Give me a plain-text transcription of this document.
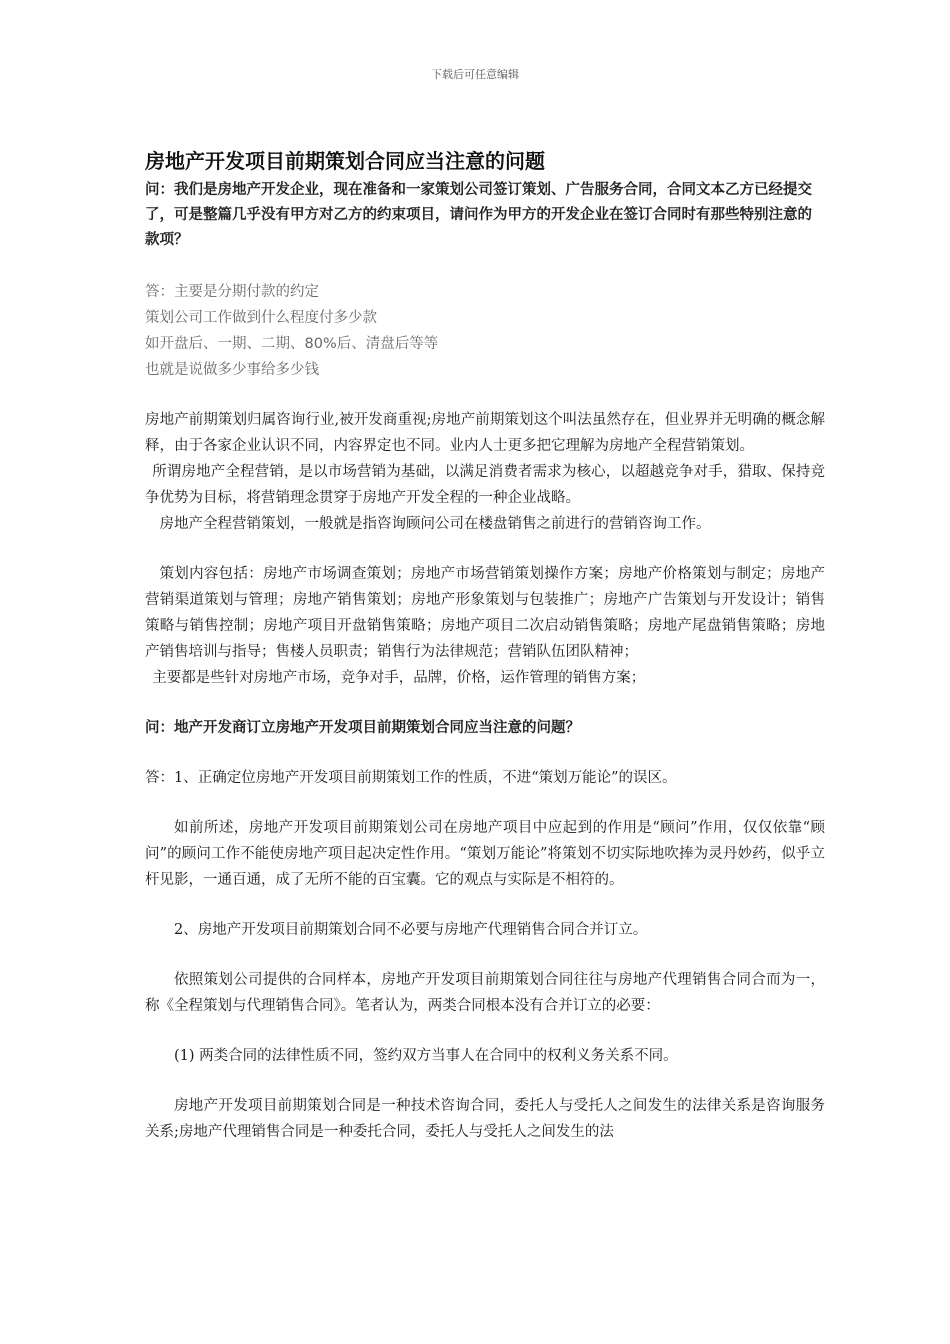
下载后可任意编辑
房地产开发项目前期策划合同应当注意的问题

问：我们是房地产开发企业，现在准备和一家策划公司签订策划、广告服务合同，合同文本乙方已经提交了，可是整篇几乎没有甲方对乙方的约束项目，请问作为甲方的开发企业在签订合同时有那些特别注意的款项？

答：主要是分期付款的约定
策划公司工作做到什么程度付多少款
如开盘后、一期、二期、80%后、清盘后等等
也就是说做多少事给多少钱

房地产前期策划归属咨询行业,被开发商重视;房地产前期策划这个叫法虽然存在，但业界并无明确的概念解释，由于各家企业认识不同，内容界定也不同。业内人士更多把它理解为房地产全程营销策划。

所谓房地产全程营销，是以市场营销为基础，以满足消费者需求为核心，以超越竞争对手，猎取、保持竞争优势为目标，将营销理念贯穿于房地产开发全程的一种企业战略。

房地产全程营销策划，一般就是指咨询顾问公司在楼盘销售之前进行的营销咨询工作。

策划内容包括：房地产市场调查策划；房地产市场营销策划操作方案；房地产价格策划与制定；房地产营销渠道策划与管理；房地产销售策划；房地产形象策划与包装推广；房地产广告策划与开发设计；销售策略与销售控制；房地产项目开盘销售策略；房地产项目二次启动销售策略；房地产尾盘销售策略；房地产销售培训与指导；售楼人员职责；销售行为法律规范；营销队伍团队精神；

主要都是些针对房地产市场，竞争对手，品牌，价格，运作管理的销售方案；

问：地产开发商订立房地产开发项目前期策划合同应当注意的问题？

答：1、正确定位房地产开发项目前期策划工作的性质，不进“策划万能论”的误区。

如前所述，房地产开发项目前期策划公司在房地产项目中应起到的作用是“顾问”作用，仅仅依靠“顾问”的顾问工作不能使房地产项目起决定性作用。“策划万能论”将策划不切实际地吹捧为灵丹妙药，似乎立杆见影，一通百通，成了无所不能的百宝囊。它的观点与实际是不相符的。

2、房地产开发项目前期策划合同不必要与房地产代理销售合同合并订立。

依照策划公司提供的合同样本，房地产开发项目前期策划合同往往与房地产代理销售合同合而为一，称《全程策划与代理销售合同》。笔者认为，两类合同根本没有合并订立的必要：

(1) 两类合同的法律性质不同，签约双方当事人在合同中的权利义务关系不同。

房地产开发项目前期策划合同是一种技术咨询合同，委托人与受托人之间发生的法律关系是咨询服务关系;房地产代理销售合同是一种委托合同，委托人与受托人之间发生的法
